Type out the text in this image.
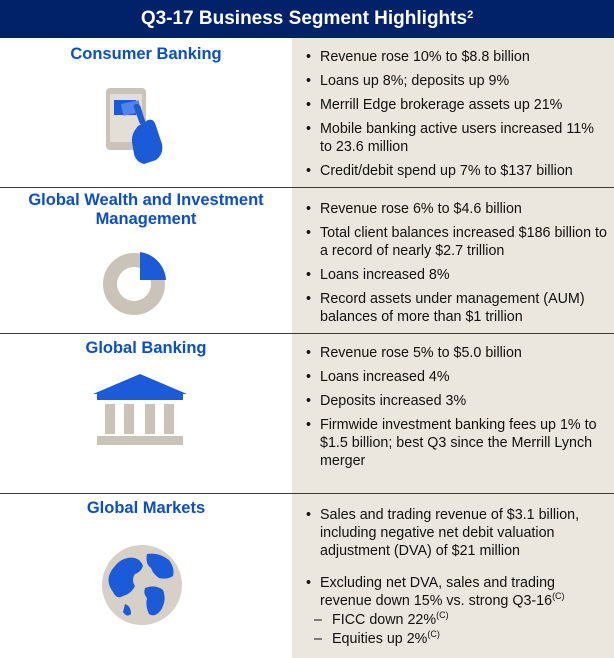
Q3-17 Business Segment Highlights$^2$
Consumer Banking	• Revenue rose 10% to $8.8 billion
• Loans up 8%; deposits up 9%
• Merrill Edge brokerage assets up 21%
• Mobile banking active users increased 11% to 23.6 million
• Credit/debit spend up 7% to $137 billion
Global Wealth and Investment Management
• Revenue rose 6% to $4.6 billion
• Total client balances increased $186 billion to a record of nearly $2.7 trillion
• Loans increased 8%
• Record assets under management (AUM) balances of more than $1 trillion
Global Banking	• Revenue rose 5% to $5.0 billion
• Loans increased 4%
• Deposits increased 3%
• Firmwide investment banking fees up 1% to $1.5 billion; best Q3 since the Merrill Lynch merger
Global Markets	• Sales and trading revenue of $3.1 billion, including negative net debit valuation adjustment (DVA) of $21 million
• Excluding net DVA, sales and trading revenue down 15% vs. strong Q3-16$^{(C)}$
– FICC down 22%$^{(C)}$
– Equities up 2%$^{(C)}$
